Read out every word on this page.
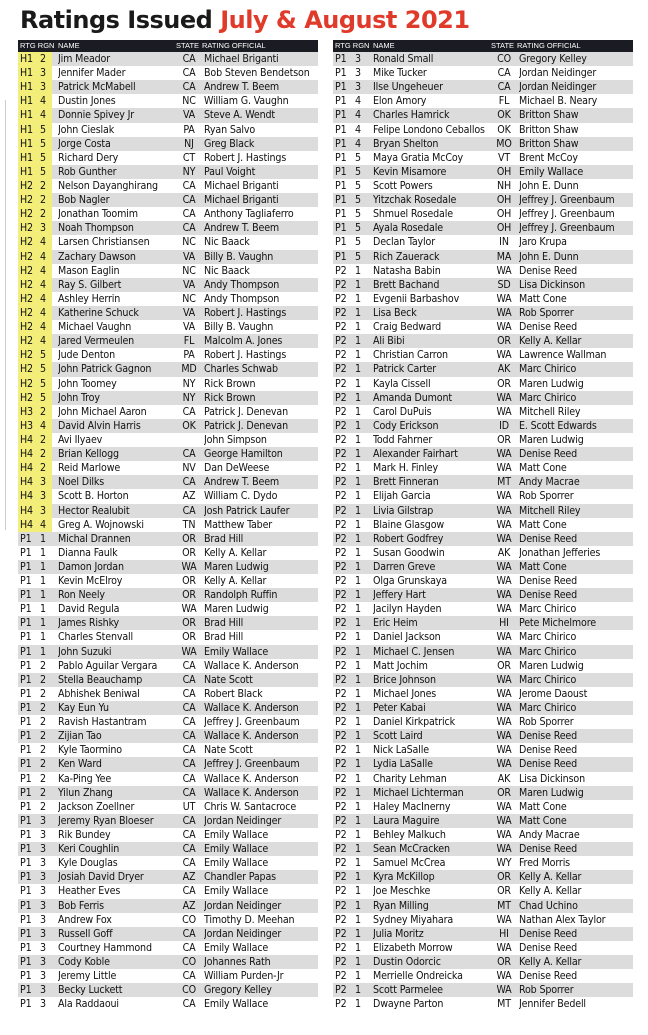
Ratings Issued July & August 2021
RTG RGN NAME	STATE RATING OFFICIAL
H1 2	Jim Meador	CA Michael Briganti
H1 3	Jennifer Mader	CA Bob Steven Bendetson
H1 3	Patrick McMabell	CA Andrew T. Beem
H1 4	Dustin Jones	NC William G. Vaughn
H1 4	Donnie Spivey Jr	VA Steve A. Wendt
H1 5	John Cieslak	PA Ryan Salvo
H1 5	Jorge Costa	NJ Greg Black
H1 5	Richard Dery	CT Robert J. Hastings
H1 5	Rob Gunther	NY Paul Voight
H2 2	Nelson Dayanghirang	CA Michael Briganti
H2 2	Bob Nagler	CA Michael Briganti
H2 2	Jonathan Toomim	CA Anthony Tagliaferro
H2 3	Noah Thompson	CA Andrew T. Beem
H2 4	Larsen Christiansen	NC Nic Baack
H2 4	Zachary Dawson	VA Billy B. Vaughn
H2 4	Mason Eaglin	NC Nic Baack
H2 4	Ray S. Gilbert	VA Andy Thompson
H2 4	Ashley Herrin	NC Andy Thompson
H2 4	Katherine Schuck	VA Robert J. Hastings
H2 4	Michael Vaughn	VA Billy B. Vaughn
H2 4	Jared Vermeulen	FL Malcolm A. Jones
H2 5	Jude Denton	PA Robert J. Hastings
H2 5	John Patrick Gagnon	MD Charles Schwab
H2 5	John Toomey	NY Rick Brown
H2 5	John Troy	NY Rick Brown
H3 2	John Michael Aaron	CA Patrick J. Denevan
H3 4	David Alvin Harris	OK Patrick J. Denevan
H4 2	Avi Ilyaev	John Simpson
H4 2	Brian Kellogg	CA George Hamilton
H4 2	Reid Marlowe	NV Dan DeWeese
H4 3	Noel Dilks	CA Andrew T. Beem
H4 3	Scott B. Horton	AZ William C. Dydo
H4 3	Hector Realubit	CA Josh Patrick Laufer
H4 4	Greg A. Wojnowski	TN Matthew Taber
P1 1	Michal Drannen	OR Brad Hill
P1 1	Dianna Faulk	OR Kelly A. Kellar
P1 1	Damon Jordan	WA Maren Ludwig
P1 1	Kevin McElroy	OR Kelly A. Kellar
P1 1	Ron Neely	OR Randolph Ruffin
P1 1	David Regula	WA Maren Ludwig
P1 1	James Rishky	OR Brad Hill
P1 1	Charles Stenvall	OR Brad Hill
P1 1	John Suzuki	WA Emily Wallace
P1 2	Pablo Aguilar Vergara	CA Wallace K. Anderson
P1 2	Stella Beauchamp	CA Nate Scott
P1 2	Abhishek Beniwal	CA Robert Black
P1 2	Kay Eun Yu	CA Wallace K. Anderson
P1 2	Ravish Hastantram	CA Jeffrey J. Greenbaum
P1 2	Zijian Tao	CA Wallace K. Anderson
P1 2	Kyle Taormino	CA Nate Scott
P1 2	Ken Ward	CA Jeffrey J. Greenbaum
P1 2	Ka-Ping Yee	CA Wallace K. Anderson
P1 2	Yilun Zhang	CA Wallace K. Anderson
P1 2	Jackson Zoellner	UT Chris W. Santacroce
P1 3	Jeremy Ryan Bloeser	CA Jordan Neidinger
P1 3	Rik Bundey	CA Emily Wallace
P1 3	Keri Coughlin	CA Emily Wallace
P1 3	Kyle Douglas	CA Emily Wallace
P1 3	Josiah David Dryer	AZ Chandler Papas
P1 3	Heather Eves	CA Emily Wallace
P1 3	Bob Ferris	AZ Jordan Neidinger
P1 3	Andrew Fox	CO Timothy D. Meehan
P1 3	Russell Goff	CA Jordan Neidinger
P1 3	Courtney Hammond	CA Emily Wallace
P1 3	Cody Koble	CO Johannes Rath
P1 3	Jeremy Little	CA William Purden-Jr
P1 3	Becky Luckett	CO Gregory Kelley
P1 3	Ala Raddaoui	CA Emily Wallace
RTG RGN NAME	STATE RATING OFFICIAL
P1 3	Ronald Small	CO Gregory Kelley
P1 3	Mike Tucker	CA Jordan Neidinger
P1 3	Ilse Ungeheuer	CA Jordan Neidinger
P1 4	Elon Amory	FL Michael B. Neary
P1 4	Charles Hamrick	OK Britton Shaw
P1 4	Felipe Londono Ceballos	OK Britton Shaw
P1 4	Bryan Shelton	MO Britton Shaw
P1 5	Maya Gratia McCoy	VT Brent McCoy
P1 5	Kevin Misamore	OH Emily Wallace
P1 5	Scott Powers	NH John E. Dunn
P1 5	Yitzchak Rosedale	OH Jeffrey J. Greenbaum
P1 5	Shmuel Rosedale	OH Jeffrey J. Greenbaum
P1 5	Ayala Rosedale	OH Jeffrey J. Greenbaum
P1 5	Declan Taylor	IN Jaro Krupa
P1 5	Rich Zauerack	MA John E. Dunn
P2 1	Natasha Babin	WA Denise Reed
P2 1	Brett Bachand	SD Lisa Dickinson
P2 1	Evgenii Barbashov	WA Matt Cone
P2 1	Lisa Beck	WA Rob Sporrer
P2 1	Craig Bedward	WA Denise Reed
P2 1	Ali Bibi	OR Kelly A. Kellar
P2 1	Christian Carron	WA Lawrence Wallman
P2 1	Patrick Carter	AK Marc Chirico
P2 1	Kayla Cissell	OR Maren Ludwig
P2 1	Amanda Dumont	WA Marc Chirico
P2 1	Carol DuPuis	WA Mitchell Riley
P2 1	Cody Erickson	ID E. Scott Edwards
P2 1	Todd Fahrner	OR Maren Ludwig
P2 1	Alexander Fairhart	WA Denise Reed
P2 1	Mark H. Finley	WA Matt Cone
P2 1	Brett Finneran	MT Andy Macrae
P2 1	Elijah Garcia	WA Rob Sporrer
P2 1	Livia Gilstrap	WA Mitchell Riley
P2 1	Blaine Glasgow	WA Matt Cone
P2 1	Robert Godfrey	WA Denise Reed
P2 1	Susan Goodwin	AK Jonathan Jefferies
P2 1	Darren Greve	WA Matt Cone
P2 1	Olga Grunskaya	WA Denise Reed
P2 1	Jeffery Hart	WA Denise Reed
P2 1	Jacilyn Hayden	WA Marc Chirico
P2 1	Eric Heim	HI Pete Michelmore
P2 1	Daniel Jackson	WA Marc Chirico
P2 1	Michael C. Jensen	WA Marc Chirico
P2 1	Matt Jochim	OR Maren Ludwig
P2 1	Brice Johnson	WA Marc Chirico
P2 1	Michael Jones	WA Jerome Daoust
P2 1	Peter Kabai	WA Marc Chirico
P2 1	Daniel Kirkpatrick	WA Rob Sporrer
P2 1	Scott Laird	WA Denise Reed
P2 1	Nick LaSalle	WA Denise Reed
P2 1	Lydia LaSalle	WA Denise Reed
P2 1	Charity Lehman	AK Lisa Dickinson
P2 1	Michael Lichterman	OR Maren Ludwig
P2 1	Haley MacInerny	WA Matt Cone
P2 1	Laura Maguire	WA Matt Cone
P2 1	Behley Malkuch	WA Andy Macrae
P2 1	Sean McCracken	WA Denise Reed
P2 1	Samuel McCrea	WY Fred Morris
P2 1	Kyra McKillop	OR Kelly A. Kellar
P2 1	Joe Meschke	OR Kelly A. Kellar
P2 1	Ryan Milling	MT Chad Uchino
P2 1	Sydney Miyahara	WA Nathan Alex Taylor
P2 1	Julia Moritz	HI Denise Reed
P2 1	Elizabeth Morrow	WA Denise Reed
P2 1	Dustin Odorcic	OR Kelly A. Kellar
P2 1	Merrielle Ondreicka	WA Denise Reed
P2 1	Scott Parmelee	WA Rob Sporrer
P2 1	Dwayne Parton	MT Jennifer Bedell
